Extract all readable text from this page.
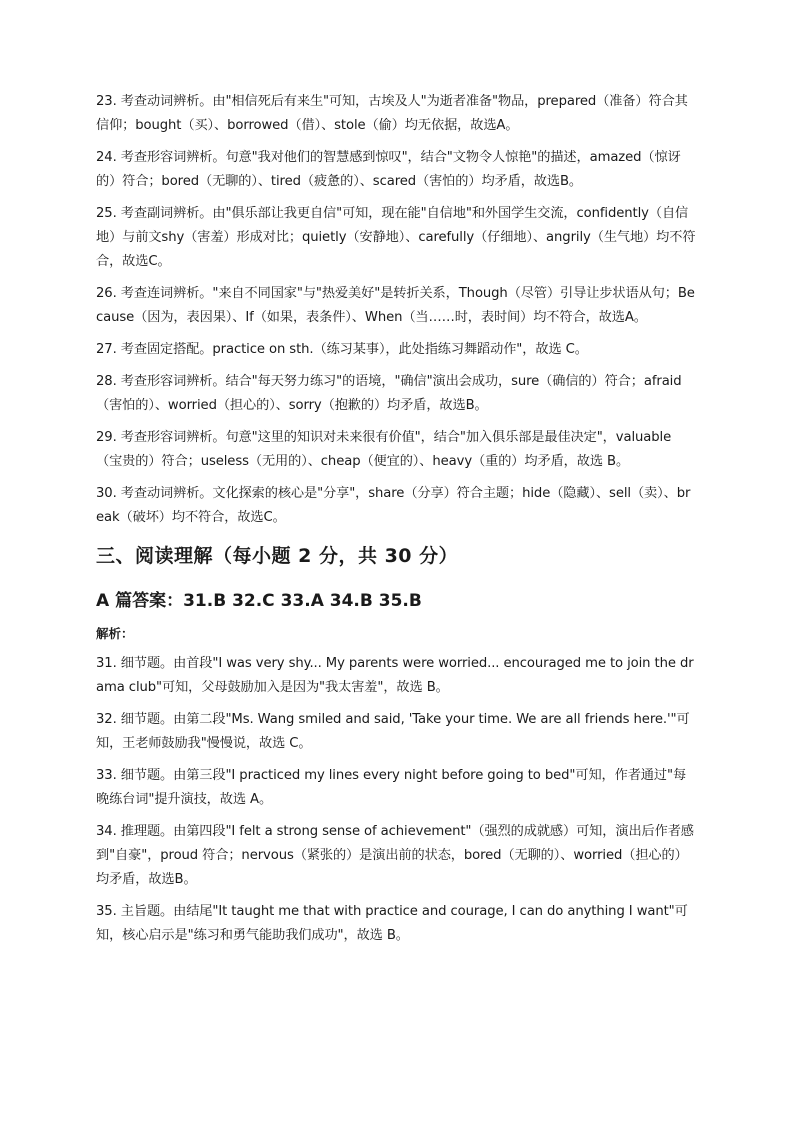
23. 考查动词辨析。由"相信死后有来生"可知，古埃及人"为逝者准备"物品，prepared（准备）符合其信仰；bought（买）、borrowed（借）、stole（偷）均无依据，故选A。

24. 考查形容词辨析。句意"我对他们的智慧感到惊叹"，结合"文物令人惊艳"的描述，amazed（惊讶的）符合；bored（无聊的）、tired（疲惫的）、scared（害怕的）均矛盾，故选B。

25. 考查副词辨析。由"俱乐部让我更自信"可知，现在能"自信地"和外国学生交流，confidently（自信地）与前文shy（害羞）形成对比；quietly（安静地）、carefully（仔细地）、angrily（生气地）均不符合，故选C。

26. 考查连词辨析。"来自不同国家"与"热爱美好"是转折关系，Though（尽管）引导让步状语从句；Because（因为，表因果）、If（如果，表条件）、When（当……时，表时间）均不符合，故选A。

27. 考查固定搭配。practice on sth.（练习某事），此处指练习舞蹈动作"，故选 C。

28. 考查形容词辨析。结合"每天努力练习"的语境，"确信"演出会成功，sure（确信的）符合；afraid（害怕的）、worried（担心的）、sorry（抱歉的）均矛盾，故选B。

29. 考查形容词辨析。句意"这里的知识对未来很有价值"，结合"加入俱乐部是最佳决定"，valuable （宝贵的）符合；useless（无用的）、cheap（便宜的）、heavy（重的）均矛盾，故选 B。

30. 考查动词辨析。文化探索的核心是"分享"，share（分享）符合主题；hide（隐藏）、sell（卖）、break（破坏）均不符合，故选C。

三、阅读理解（每小题 2 分，共 30 分）
A 篇答案：31.B 32.C 33.A 34.B 35.B
解析：

31. 细节题。由首段"I was very shy... My parents were worried... encouraged me to join the drama club"可知，父母鼓励加入是因为"我太害羞"，故选 B。

32. 细节题。由第二段"Ms. Wang smiled and said, 'Take your time. We are all friends here.'"可知，王老师鼓励我"慢慢说，故选 C。

33. 细节题。由第三段"I practiced my lines every night before going to bed"可知，作者通过"每晚练台词"提升演技，故选 A。

34. 推理题。由第四段"I felt a strong sense of achievement"（强烈的成就感）可知，演出后作者感到"自豪"，proud 符合；nervous（紧张的）是演出前的状态，bored（无聊的）、worried（担心的）均矛盾，故选B。

35. 主旨题。由结尾"It taught me that with practice and courage, I can do anything I want"可知，核心启示是"练习和勇气能助我们成功"，故选 B。
